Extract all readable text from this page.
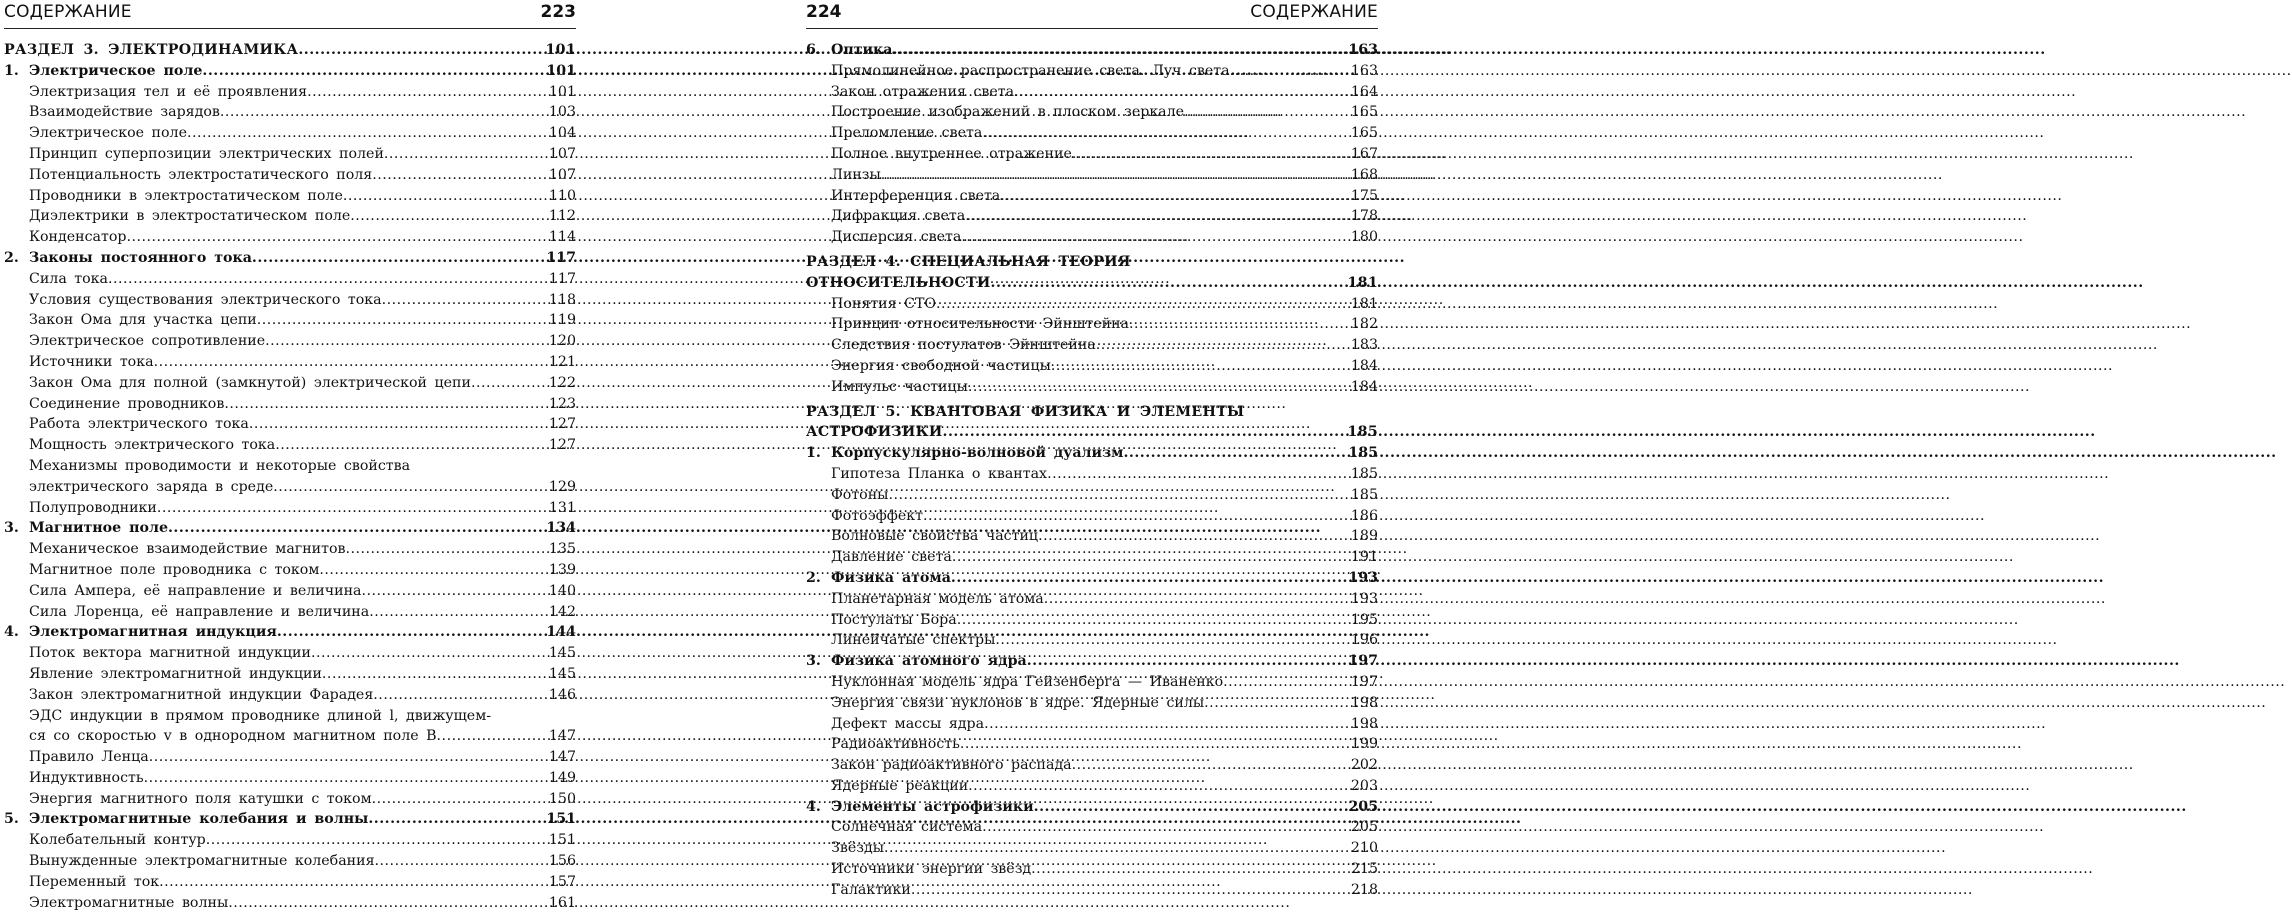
СОДЕРЖАНИЕ	223
РАЗДЕЛ 3. ЭЛЕКТРОДИНАМИКА .....	101
1. Электрическое поле .....	101
Электризация тел и её проявления .....	101
Взаимодействие зарядов .....	103
Электрическое поле .....	104
Принцип суперпозиции электрических полей .....	107
Потенциальность электростатического поля .....	107
Проводники в электростатическом поле .....	110
Диэлектрики в электростатическом поле .....	112
Конденсатор .....	114
2. Законы постоянного тока .....	117
Сила тока .....	117
Условия существования электрического тока .....	118
Закон Ома для участка цепи .....	119
Электрическое сопротивление .....	120
Источники тока .....	121
Закон Ома для полной (замкнутой) электрической цепи .....	122
Соединение проводников .....	123
Работа электрического тока .....	127
Мощность электрического тока .....	127
Механизмы проводимости и некоторые свойства
электрического заряда в среде .....	129
Полупроводники .....	131
3. Магнитное поле .....	134
Механическое взаимодействие магнитов .....	135
Магнитное поле проводника с током .....	139
Сила Ампера, её направление и величина .....	140
Сила Лоренца, её направление и величина .....	142
4. Электромагнитная индукция .....	144
Поток вектора магнитной индукции .....	145
Явление электромагнитной индукции .....	145
Закон электромагнитной индукции Фарадея .....	146
ЭДС индукции в прямом проводнике длиной l, движущем-
ся со скоростью v в однородном магнитном поле B .....	147
Правило Ленца .....	147
Индуктивность .....	149
Энергия магнитного поля катушки с током .....	150
5. Электромагнитные колебания и волны .....	151
Колебательный контур .....	151
Вынужденные электромагнитные колебания .....	156
Переменный ток .....	157
Электромагнитные волны .....	161
224	СОДЕРЖАНИЕ
6. Оптика .....	163
Прямолинейное распространение света. Луч света .....	163
Закон отражения света .....	164
Построение изображений в плоском зеркале .....	165
Преломление света .....	165
Полное внутреннее отражение .....	167
Линзы .....	168
Интерференция света .....	175
Дифракция света .....	178
Дисперсия света .....	180
РАЗДЕЛ 4. СПЕЦИАЛЬНАЯ ТЕОРИЯ
ОТНОСИТЕЛЬНОСТИ .....	181
Понятия СТО .....	181
Принцип относительности Эйнштейна .....	182
Следствия постулатов Эйнштейна .....	183
Энергия свободной частицы .....	184
Импульс частицы .....	184
РАЗДЕЛ 5. КВАНТОВАЯ ФИЗИКА И ЭЛЕМЕНТЫ
АСТРОФИЗИКИ .....	185
1. Корпускулярно-волновой дуализм .....	185
Гипотеза Планка о квантах .....	185
Фотоны .....	185
Фотоэффект .....	186
Волновые свойства частиц .....	189
Давление света .....	191
2. Физика атома .....	193
Планетарная модель атома .....	193
Постулаты Бора .....	195
Линейчатые спектры .....	196
3. Физика атомного ядра .....	197
Нуклонная модель ядра Гейзенберга — Иваненко .....	197
Энергия связи нуклонов в ядре. Ядерные силы .....	198
Дефект массы ядра .....	198
Радиоактивность .....	199
Закон радиоактивного распада .....	202
Ядерные реакции .....	203
4. Элементы астрофизики .....	205
Солнечная система .....	205
Звёзды .....	210
Источники энергии звёзд .....	215
Галактики .....	218
